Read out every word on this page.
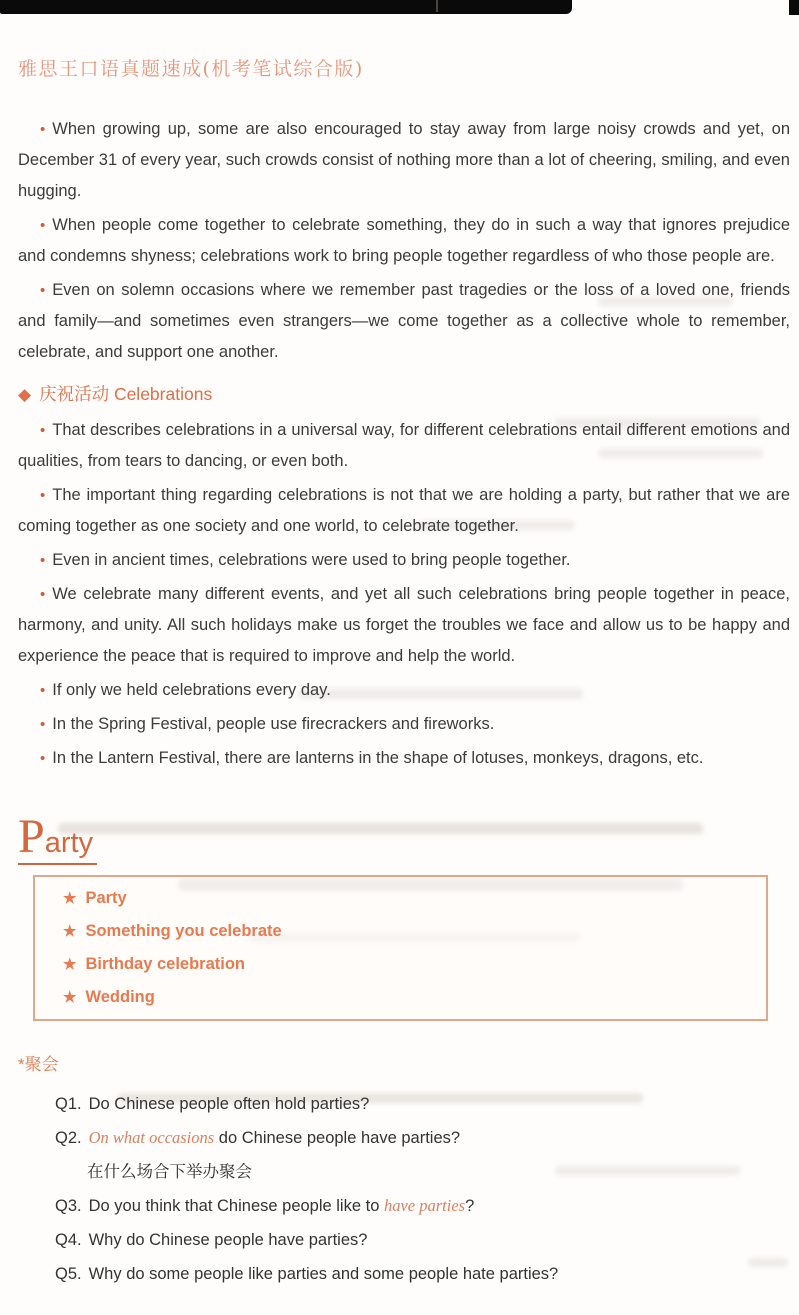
雅思王口语真题速成(机考笔试综合版)

• When growing up, some are also encouraged to stay away from large noisy crowds and yet, on December 31 of every year, such crowds consist of nothing more than a lot of cheering, smiling, and even hugging.

• When people come together to celebrate something, they do in such a way that ignores prejudice and condemns shyness; celebrations work to bring people together regardless of who those people are.

• Even on solemn occasions where we remember past tragedies or the loss of a loved one, friends and family—and sometimes even strangers—we come together as a collective whole to remember, celebrate, and support one another.

◆ 庆祝活动 Celebrations

• That describes celebrations in a universal way, for different celebrations entail different emotions and qualities, from tears to dancing, or even both.

• The important thing regarding celebrations is not that we are holding a party, but rather that we are coming together as one society and one world, to celebrate together.

• Even in ancient times, celebrations were used to bring people together.

• We celebrate many different events, and yet all such celebrations bring people together in peace, harmony, and unity. All such holidays make us forget the troubles we face and allow us to be happy and experience the peace that is required to improve and help the world.

• If only we held celebrations every day.

• In the Spring Festival, people use firecrackers and fireworks.

• In the Lantern Festival, there are lanterns in the shape of lotuses, monkeys, dragons, etc.

Party
★ Party
★ Something you celebrate
★ Birthday celebration
★ Wedding
*聚会
Q1. Do Chinese people often hold parties?
Q2. On what occasions do Chinese people have parties?
在什么场合下举办聚会
Q3. Do you think that Chinese people like to have parties?
Q4. Why do Chinese people have parties?
Q5. Why do some people like parties and some people hate parties?
